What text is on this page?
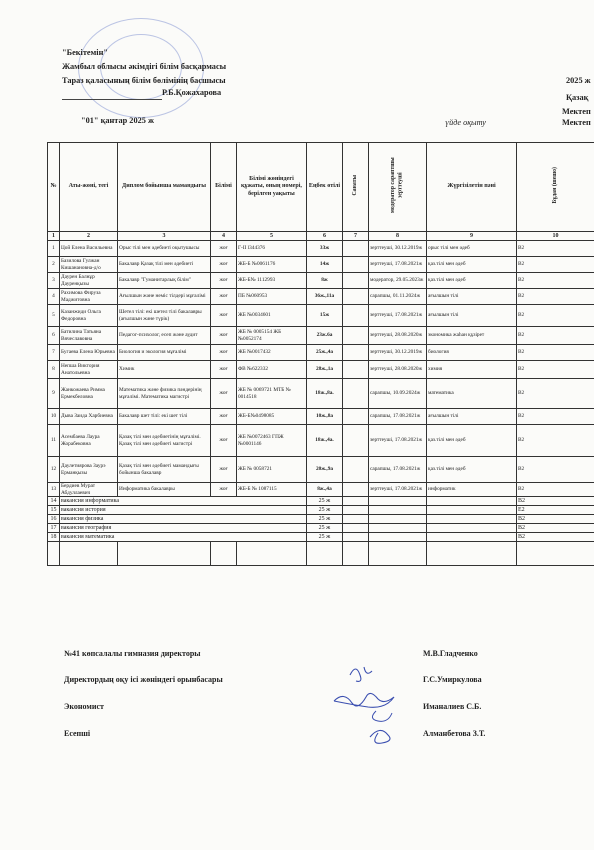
"Бекітемін"
Жамбыл облысы әкімдігі білім басқармасы
Тараз қаласының білім бөлімінің басшысы
Р.Б.Қожахарова
"01" қантар 2025 ж
2025 ж
Қазақ
Мектеп
Мектеп
үйде оқыту
№	Аты-жөні, тегі	Диплом бойынша мамандығы	Білімі	Білімі жөніндегі құжаты, оның номері, берілген уақыты	Еңбек өтілі	Санаты	модератор сараптшы зерттеуші	Жүргізілетін пәні	Бұдан (шешо)
1	2	3	4	5	6	7	8	9	10
1	Цой Елена Васильевна	Орыс тілі мен әдебиеті оқытушысы	жоғ	Г-II l344376	33ж		зерттеуші, 30.12.2019ж	орыс тілі мен әдеб	В2
2	Базилова Гулжан Кишанановна-д/о	Бакалавр Қазақ тілі мен әдебиеті	жоғ	ЖБ-Б №0061176	14ж		зерттеуші, 17.08.2021ж	қаз.тілі мен әдеб	В2
3	Даурен Балнұр Дауренқызы	Бакалавр "Гуманитарлық білім"	жоғ	ЖБ-Б№ 1112993	8ж		модератор, 29.05.2023ж	қаз.тілі мен әдеб	В2
4	Рахимова Фируза Маджитовна	Ағылшын және неміс тілдері мұғалімі	жоғ	ПБ №060953	36ж.,11а		сарапшы, 01.11.2024ж	ағылшын тілі	В2
5	Казанжиди Ольга Федоровна	Шетел тілі: екі шетел тілі бакалавры (ағылшын және түрік)	жоғ	ЖБ №0034601	15ж		зерттеуші, 17.08.2021ж	ағылшын тілі	В2
6	Батилина Татьяна Вячеславовна	Педагог-психолог, есеп және аудит	жоғ	ЖБ № 0005154 ЖБ №0052174	23ж.6а		зерттеуші, 28.08.2020ж	экономика жаһан құзірет	В2
7	Бугаева Елена Юрьевна	Биология и экология мұғалімі	жоғ	ЖБ №0017432	25ж.,4а		зерттеуші, 30.12.2019ж	биология	В2
8	Непша Виктория Анатольевна	Химик	жоғ	ФВ №622332	28ж.,1а		зерттеуші, 28.08.2020ж	химия	В2
9	Жанкожаева Римма Ермекбеловна	Математика және физика пәндерінің мұғалімі. Математика магистрі	жоғ	ЖБ № 0069721 МТБ № 0014518	18ж.,8а.		сарапшы, 10.09.2024ж	математика	В2
10	Дыва Заида Харбиевна	Бакалавр шет тілі: екі шет тілі	жоғ	ЖБ-Б№0498085	10ж.,8а		сарапшы, 17.08.2021ж	ағылшын тілі	В2
11	Асембаева Лаура Жорабековна	Қазақ тілі мен әдебиетінің мұғалімі. Қазақ тілі мен әдебиеті магистрі	жоғ	ЖБ №0072463 ГПЖ №0001146	18ж.,4а.		зерттеуші, 17.08.2021ж	қаз.тілі мен әдеб	В2
12	Даулетиярова Заурэ Ерманқызы	Қазақ тілі мен әдебиеті мамандығы бойынша бакалавр	жоғ	ЖБ № 0058721	20ж.,9а		сарапшы, 17.08.2021ж	қаз.тілі мен әдеб	В2
13	Бердиев Мурат Абдуллаевич	Информатика бакалавры	жоғ	ЖБ-Б № 1087115	8ж.,4а		зерттеуші, 17.08.2021ж	информатик	В2
14	вакансия информатика				25 ж				В2
15	вакансия история				25 ж				Е2
16	вакансия физика				25 ж				В2
17	вакансия география				25 ж				В2
18	вакансия математика				25 ж				В2

№41 көпсалалы гимназия директоры	М.В.Гладченко
Директордың оқу ісі жөніндегі орынбасары	Г.С.Умиркулова
Экономист	Иманалиев С.Б.
Есепші	Алманбетова З.Т.
